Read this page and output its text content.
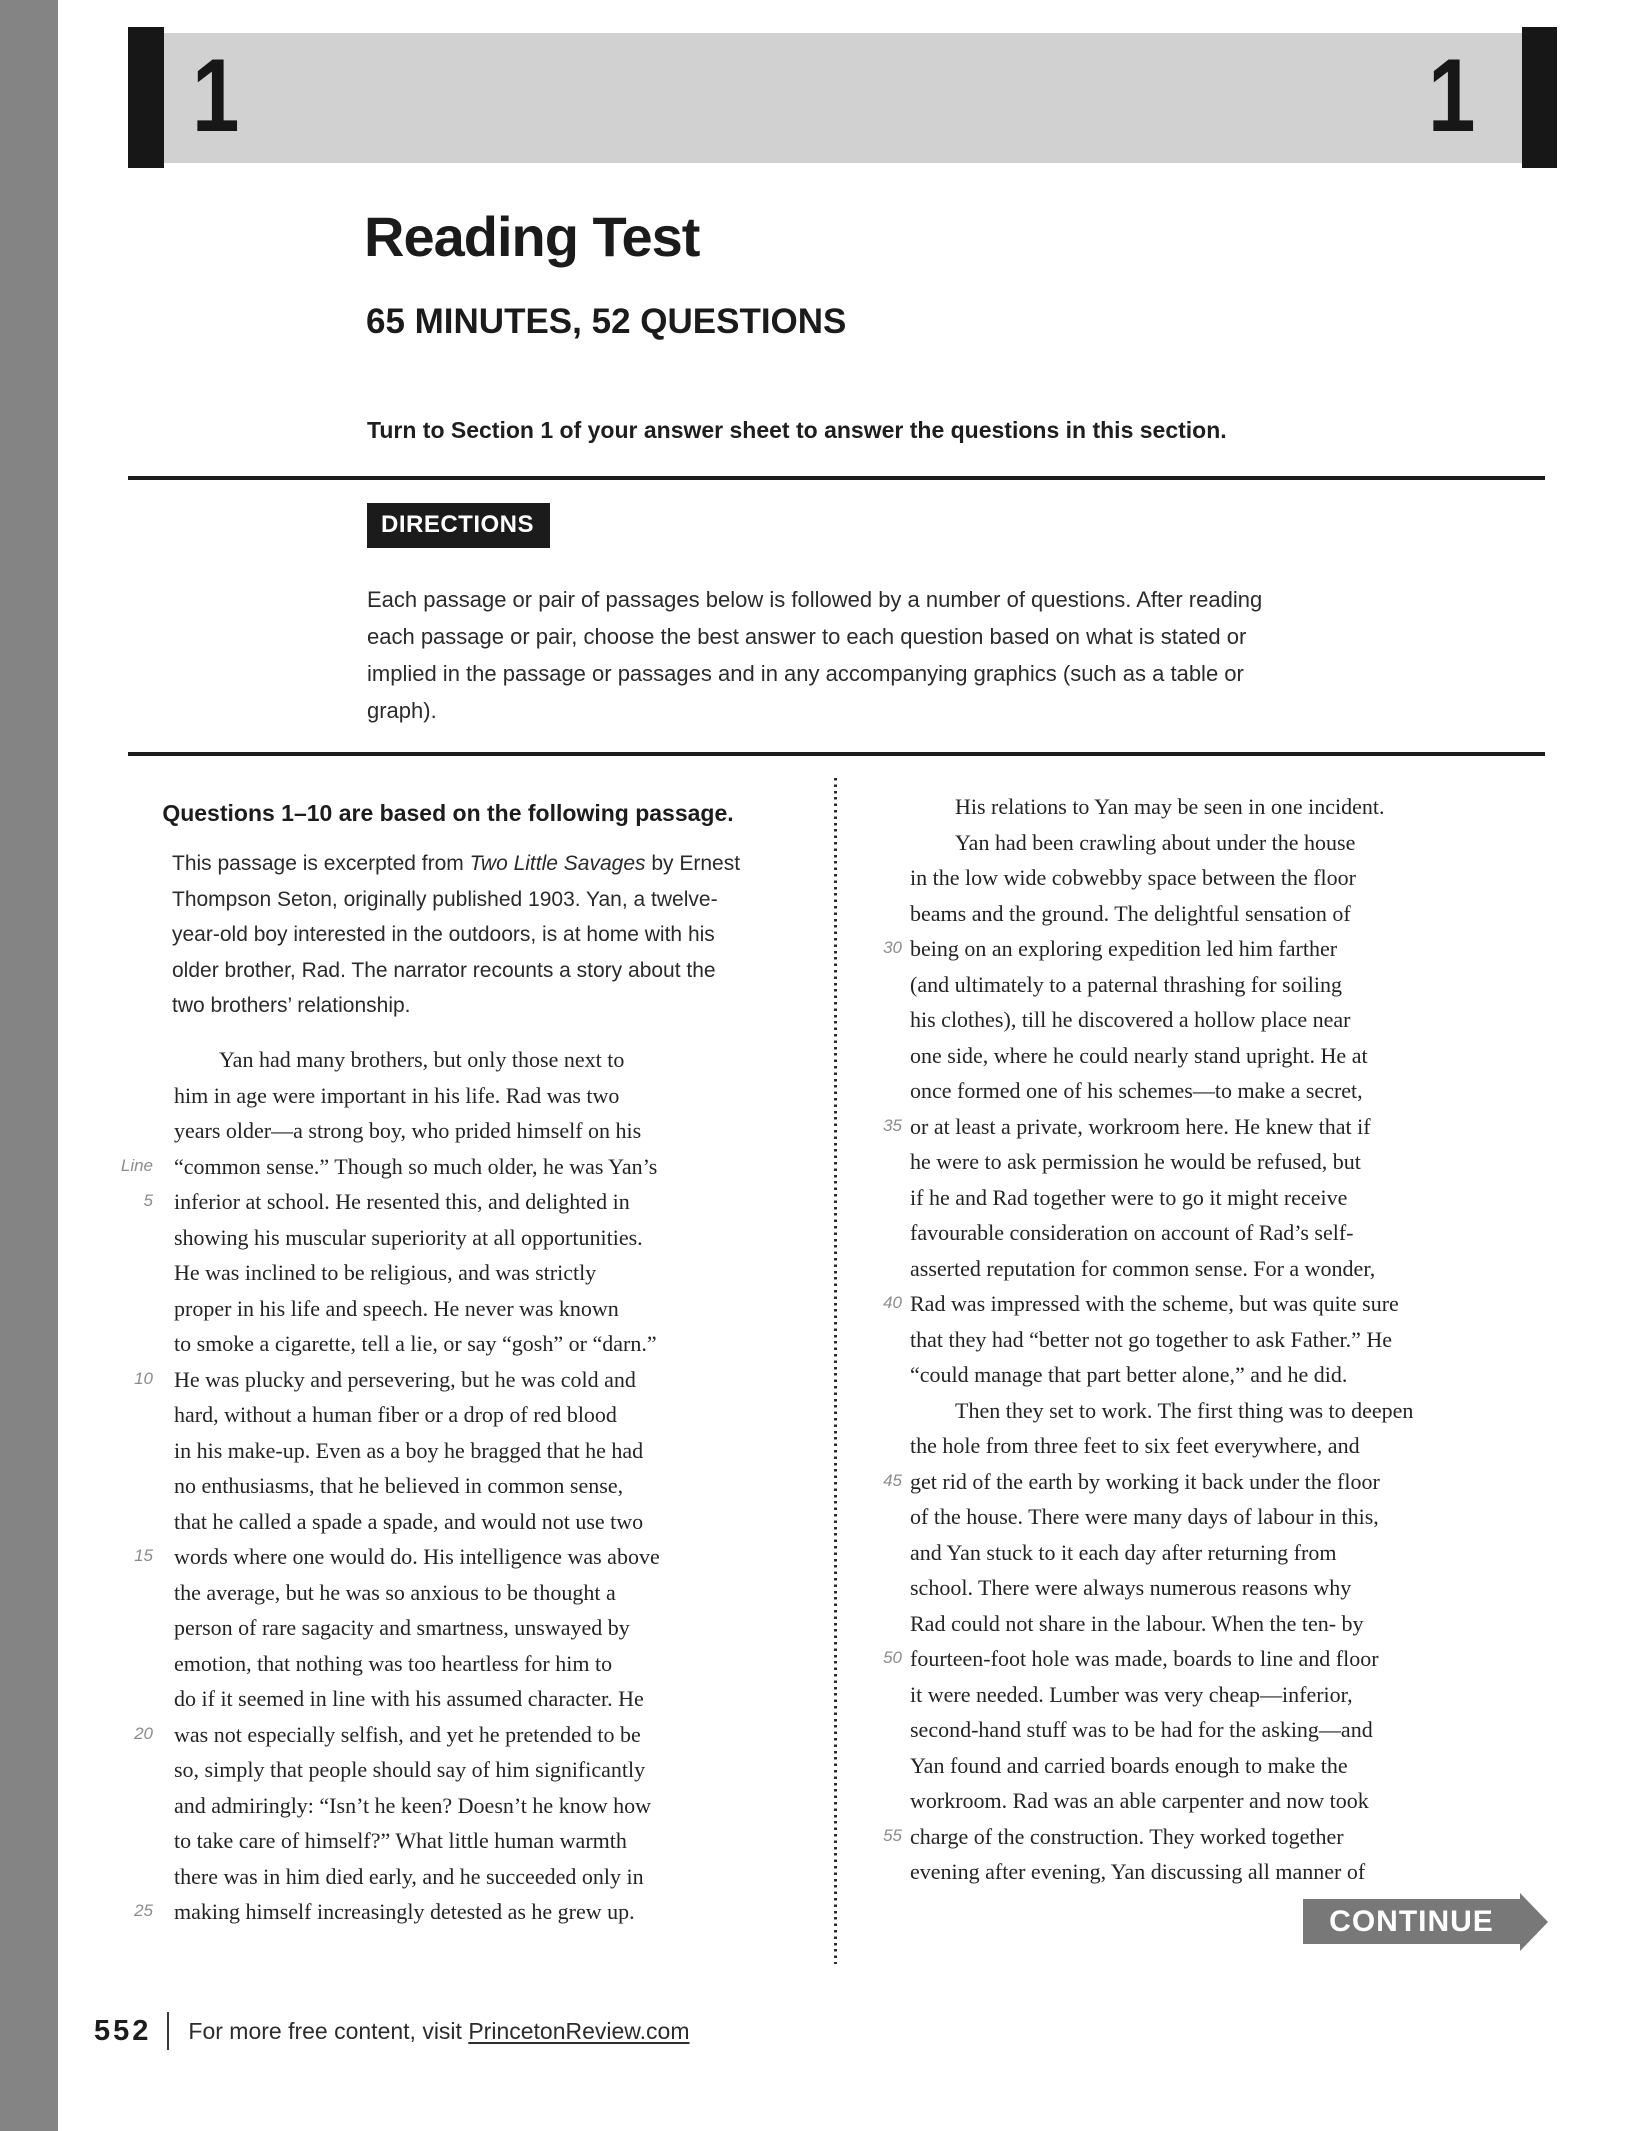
1	1
Reading Test
65 MINUTES, 52 QUESTIONS
Turn to Section 1 of your answer sheet to answer the questions in this section.
DIRECTIONS
Each passage or pair of passages below is followed by a number of questions. After reading
each passage or pair, choose the best answer to each question based on what is stated or
implied in the passage or passages and in any accompanying graphics (such as a table or
graph).
Questions 1–10 are based on the following passage.
This passage is excerpted from Two Little Savages by Ernest
Thompson Seton, originally published 1903. Yan, a twelve-
year-old boy interested in the outdoors, is at home with his
older brother, Rad. The narrator recounts a story about the
two brothers’ relationship.
Yan had many brothers, but only those next to
him in age were important in his life. Rad was two
years older—a strong boy, who prided himself on his
Line “common sense.” Though so much older, he was Yan’s
5 inferior at school. He resented this, and delighted in
showing his muscular superiority at all opportunities.
He was inclined to be religious, and was strictly
proper in his life and speech. He never was known
to smoke a cigarette, tell a lie, or say “gosh” or “darn.”
10 He was plucky and persevering, but he was cold and
hard, without a human fiber or a drop of red blood
in his make-up. Even as a boy he bragged that he had
no enthusiasms, that he believed in common sense,
that he called a spade a spade, and would not use two
15 words where one would do. His intelligence was above
the average, but he was so anxious to be thought a
person of rare sagacity and smartness, unswayed by
emotion, that nothing was too heartless for him to
do if it seemed in line with his assumed character. He
20 was not especially selfish, and yet he pretended to be
so, simply that people should say of him significantly
and admiringly: “Isn’t he keen? Doesn’t he know how
to take care of himself?” What little human warmth
there was in him died early, and he succeeded only in
25 making himself increasingly detested as he grew up.
His relations to Yan may be seen in one incident.
Yan had been crawling about under the house
in the low wide cobwebby space between the floor
beams and the ground. The delightful sensation of
30 being on an exploring expedition led him farther
(and ultimately to a paternal thrashing for soiling
his clothes), till he discovered a hollow place near
one side, where he could nearly stand upright. He at
once formed one of his schemes—to make a secret,
35 or at least a private, workroom here. He knew that if
he were to ask permission he would be refused, but
if he and Rad together were to go it might receive
favourable consideration on account of Rad’s self-
asserted reputation for common sense. For a wonder,
40 Rad was impressed with the scheme, but was quite sure
that they had “better not go together to ask Father.” He
“could manage that part better alone,” and he did.
Then they set to work. The first thing was to deepen
the hole from three feet to six feet everywhere, and
45 get rid of the earth by working it back under the floor
of the house. There were many days of labour in this,
and Yan stuck to it each day after returning from
school. There were always numerous reasons why
Rad could not share in the labour. When the ten- by
50 fourteen-foot hole was made, boards to line and floor
it were needed. Lumber was very cheap—inferior,
second-hand stuff was to be had for the asking—and
Yan found and carried boards enough to make the
workroom. Rad was an able carpenter and now took
55 charge of the construction. They worked together
evening after evening, Yan discussing all manner of
CONTINUE
552 For more free content, visit PrincetonReview.com
